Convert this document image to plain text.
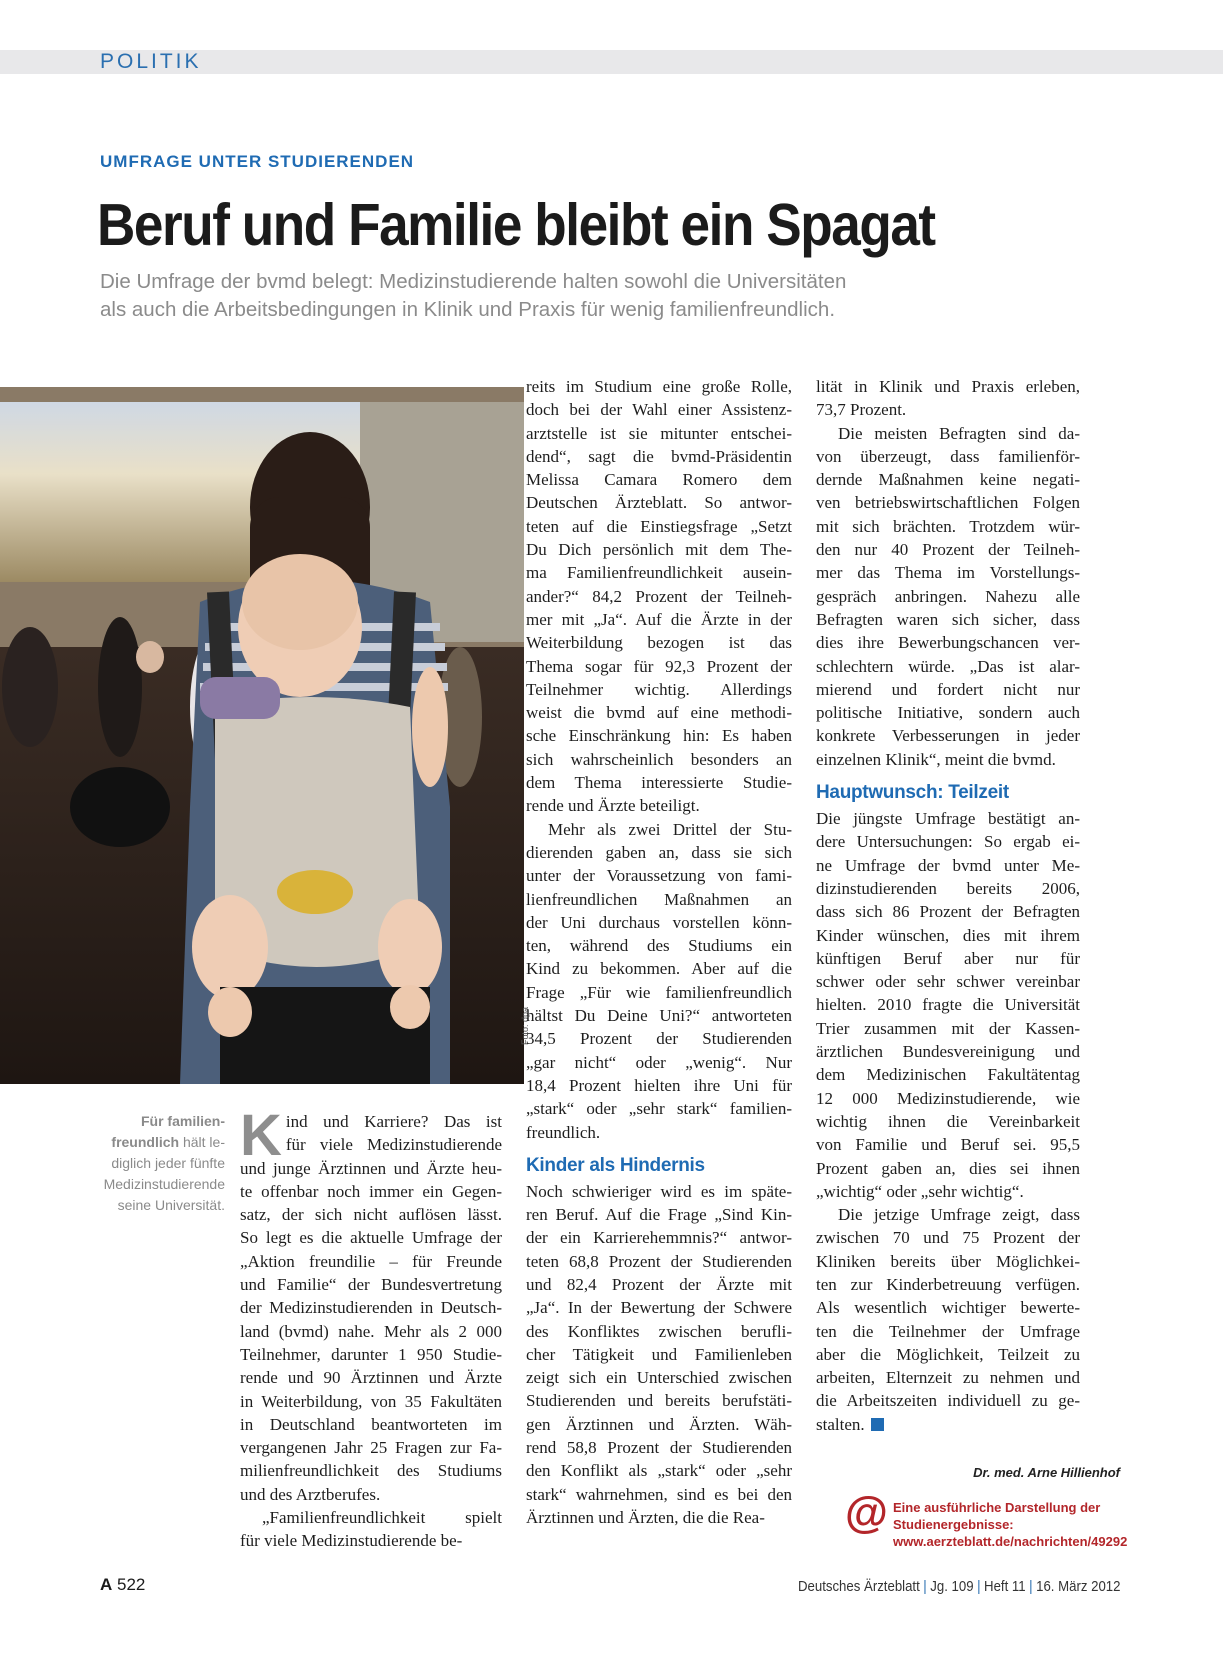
POLITIK
UMFRAGE UNTER STUDIERENDEN
Beruf und Familie bleibt ein Spagat

Die Umfrage der bvmd belegt: Medizinstudierende halten sowohl die Universitäten

als auch die Arbeitsbedingungen in Klinik und Praxis für wenig familienfreundlich.

Foto: dpa
Für familien-freundlich hält le-diglich jeder fünfte Medizinstudierende seine Universität.
K ind und Karriere? Das ist
für viele Medizinstudierende
und junge Ärztinnen und Ärzte heu-
te offenbar noch immer ein Gegen-
satz, der sich nicht auflösen lässt.
So legt es die aktuelle Umfrage der
„Aktion freundilie – für Freunde
und Familie“ der Bundesvertretung
der Medizinstudierenden in Deutsch-
land (bvmd) nahe. Mehr als 2 000
Teilnehmer, darunter 1 950 Studie-
rende und 90 Ärztinnen und Ärzte
in Weiterbildung, von 35 Fakultäten
in Deutschland beantworteten im
vergangenen Jahr 25 Fragen zur Fa-
milienfreundlichkeit des Studiums
und des Arztberufes.
„Familienfreundlichkeit spielt
für viele Medizinstudierende be-
reits im Studium eine große Rolle,
doch bei der Wahl einer Assistenz-
arztstelle ist sie mitunter entschei-
dend“, sagt die bvmd-Präsidentin
Melissa Camara Romero dem
Deutschen Ärzteblatt. So antwor-
teten auf die Einstiegsfrage „Setzt
Du Dich persönlich mit dem The-
ma Familienfreundlichkeit ausein-
ander?“ 84,2 Prozent der Teilneh-
mer mit „Ja“. Auf die Ärzte in der
Weiterbildung bezogen ist das
Thema sogar für 92,3 Prozent der
Teilnehmer wichtig. Allerdings
weist die bvmd auf eine methodi-
sche Einschränkung hin: Es haben
sich wahrscheinlich besonders an
dem Thema interessierte Studie-
rende und Ärzte beteiligt.
Mehr als zwei Drittel der Stu-
dierenden gaben an, dass sie sich
unter der Voraussetzung von fami-
lienfreundlichen Maßnahmen an
der Uni durchaus vorstellen könn-
ten, während des Studiums ein
Kind zu bekommen. Aber auf die
Frage „Für wie familienfreundlich
hältst Du Deine Uni?“ antworteten
34,5 Prozent der Studierenden
„gar nicht“ oder „wenig“. Nur
18,4 Prozent hielten ihre Uni für
„stark“ oder „sehr stark“ familien-
freundlich.
Kinder als Hindernis
Noch schwieriger wird es im späte-
ren Beruf. Auf die Frage „Sind Kin-
der ein Karrierehemmnis?“ antwor-
teten 68,8 Prozent der Studierenden
und 82,4 Prozent der Ärzte mit
„Ja“. In der Bewertung der Schwere
des Konfliktes zwischen berufli-
cher Tätigkeit und Familienleben
zeigt sich ein Unterschied zwischen
Studierenden und bereits berufstäti-
gen Ärztinnen und Ärzten. Wäh-
rend 58,8 Prozent der Studierenden
den Konflikt als „stark“ oder „sehr
stark“ wahrnehmen, sind es bei den
Ärztinnen und Ärzten, die die Rea-
lität in Klinik und Praxis erleben,
73,7 Prozent.
Die meisten Befragten sind da-
von überzeugt, dass familienför-
dernde Maßnahmen keine negati-
ven betriebswirtschaftlichen Folgen
mit sich brächten. Trotzdem wür-
den nur 40 Prozent der Teilneh-
mer das Thema im Vorstellungs-
gespräch anbringen. Nahezu alle
Befragten waren sich sicher, dass
dies ihre Bewerbungschancen ver-
schlechtern würde. „Das ist alar-
mierend und fordert nicht nur
politische Initiative, sondern auch
konkrete Verbesserungen in jeder
einzelnen Klinik“, meint die bvmd.
Hauptwunsch: Teilzeit
Die jüngste Umfrage bestätigt an-
dere Untersuchungen: So ergab ei-
ne Umfrage der bvmd unter Me-
dizinstudierenden bereits 2006,
dass sich 86 Prozent der Befragten
Kinder wünschen, dies mit ihrem
künftigen Beruf aber nur für
schwer oder sehr schwer vereinbar
hielten. 2010 fragte die Universität
Trier zusammen mit der Kassen-
ärztlichen Bundesvereinigung und
dem Medizinischen Fakultätentag
12 000 Medizinstudierende, wie
wichtig ihnen die Vereinbarkeit
von Familie und Beruf sei. 95,5
Prozent gaben an, dies sei ihnen
„wichtig“ oder „sehr wichtig“.
Die jetzige Umfrage zeigt, dass
zwischen 70 und 75 Prozent der
Kliniken bereits über Möglichkei-
ten zur Kinderbetreuung verfügen.
Als wesentlich wichtiger bewerte-
ten die Teilnehmer der Umfrage
aber die Möglichkeit, Teilzeit zu
arbeiten, Elternzeit zu nehmen und
die Arbeitszeiten individuell zu ge-
stalten.
Dr. med. Arne Hillienhof
@ Eine ausführliche Darstellung der Studienergebnisse: www.aerzteblatt.de/nachrichten/49292
A 522	Deutsches Ärzteblatt | Jg. 109 | Heft 11 | 16. März 2012
